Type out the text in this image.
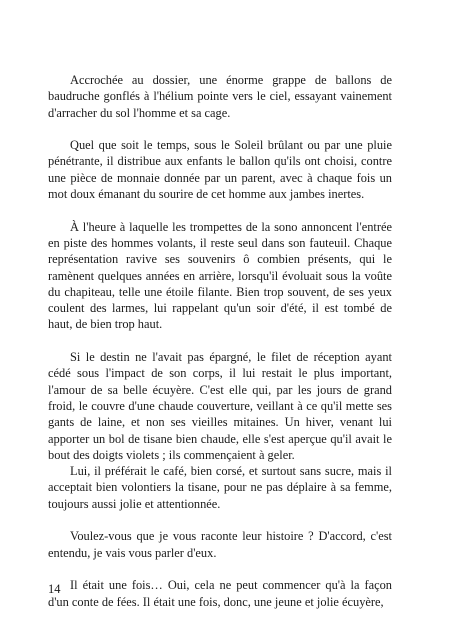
Accrochée au dossier, une énorme grappe de ballons de baudruche gonflés à l'hélium pointe vers le ciel, essayant vainement d'arracher du sol l'homme et sa cage.

Quel que soit le temps, sous le Soleil brûlant ou par une pluie pénétrante, il distribue aux enfants le ballon qu'ils ont choisi, contre une pièce de monnaie donnée par un parent, avec à chaque fois un mot doux émanant du sourire de cet homme aux jambes inertes.

À l'heure à laquelle les trompettes de la sono annoncent l'entrée en piste des hommes volants, il reste seul dans son fauteuil. Chaque représentation ravive ses souvenirs ô combien présents, qui le ramènent quelques années en arrière, lorsqu'il évoluait sous la voûte du chapiteau, telle une étoile filante. Bien trop souvent, de ses yeux coulent des larmes, lui rappelant qu'un soir d'été, il est tombé de haut, de bien trop haut.

Si le destin ne l'avait pas épargné, le filet de réception ayant cédé sous l'impact de son corps, il lui restait le plus important, l'amour de sa belle écuyère. C'est elle qui, par les jours de grand froid, le couvre d'une chaude couverture, veillant à ce qu'il mette ses gants de laine, et non ses vieilles mitaines. Un hiver, venant lui apporter un bol de tisane bien chaude, elle s'est aperçue qu'il avait le bout des doigts violets ; ils commençaient à geler.

Lui, il préférait le café, bien corsé, et surtout sans sucre, mais il acceptait bien volontiers la tisane, pour ne pas déplaire à sa femme, toujours aussi jolie et attentionnée.

Voulez-vous que je vous raconte leur histoire ? D'accord, c'est entendu, je vais vous parler d'eux.

Il était une fois… Oui, cela ne peut commencer qu'à la façon d'un conte de fées. Il était une fois, donc, une jeune et jolie écuyère,

14
